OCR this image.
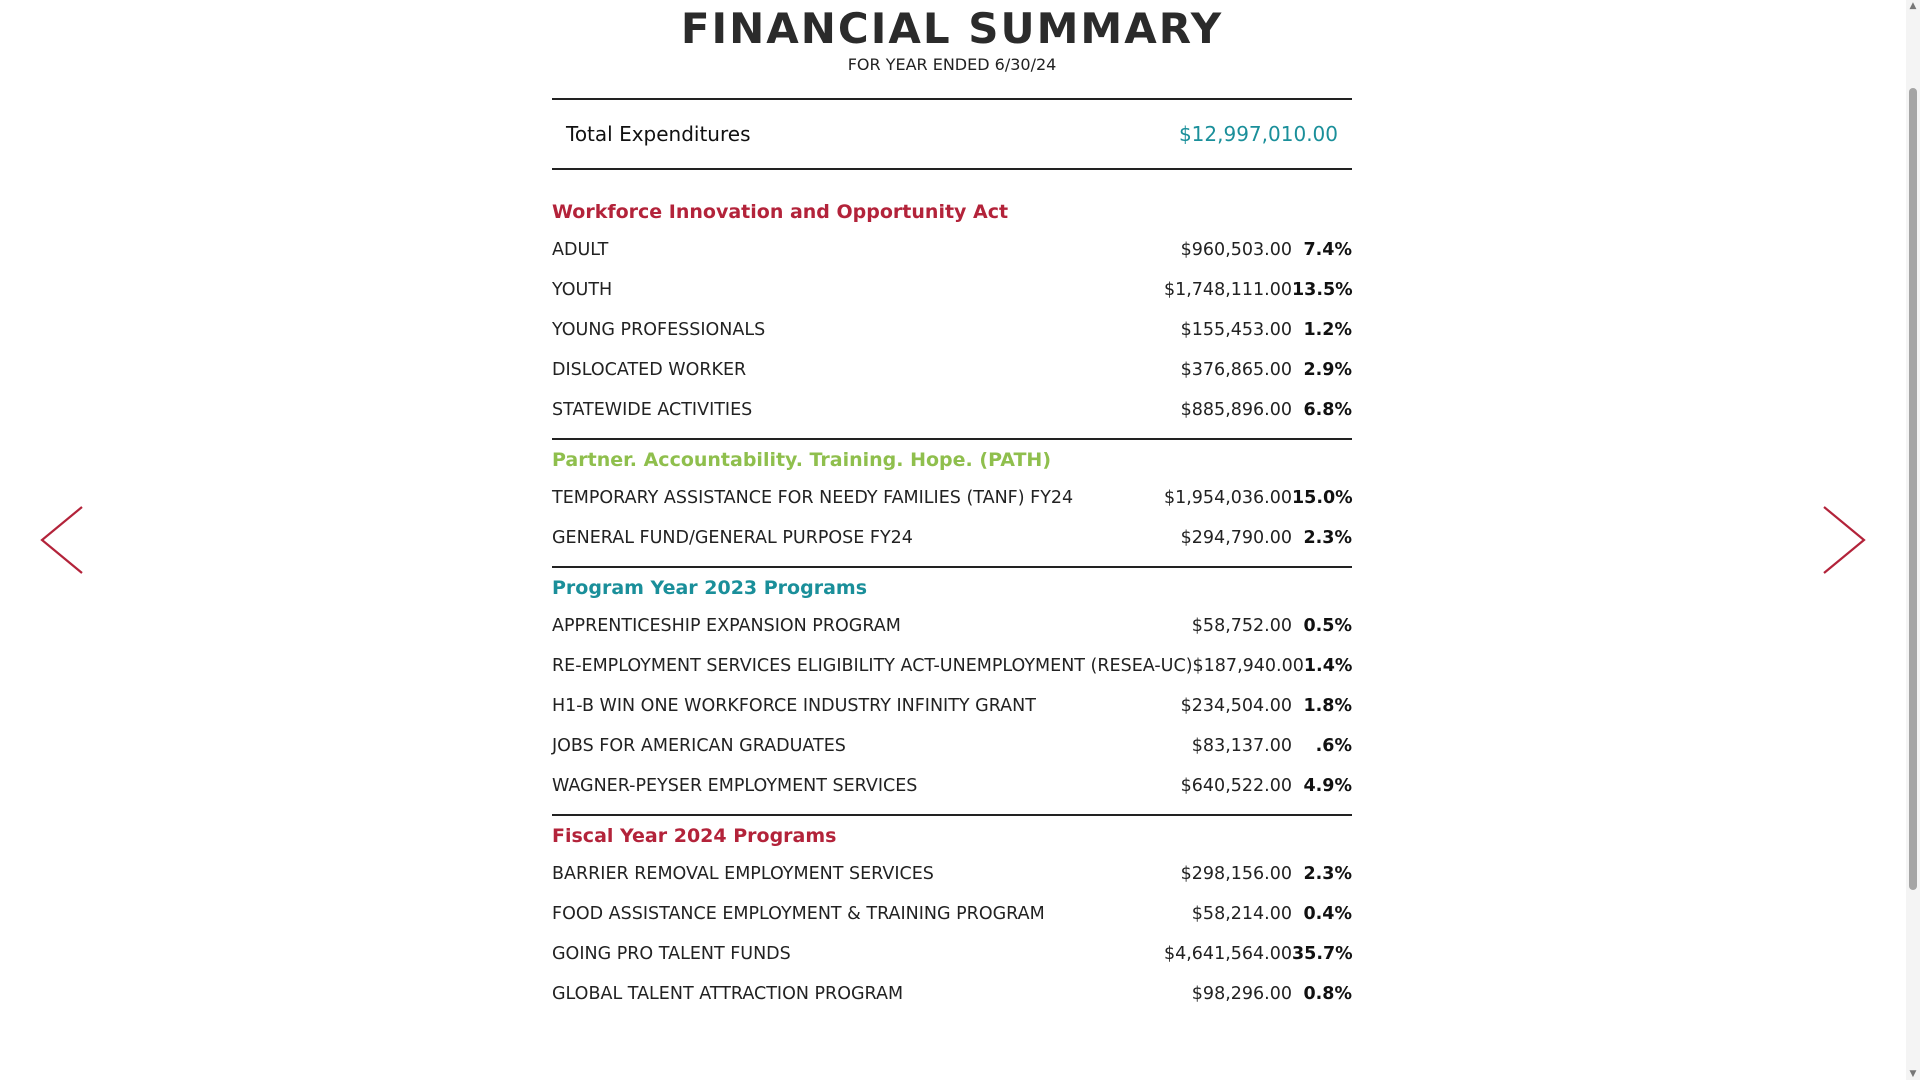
FINANCIAL SUMMARY
FOR YEAR ENDED 6/30/24
Total Expenditures	$12,997,010.00
Workforce Innovation and Opportunity Act
ADULT	$960,503.00 7.4%
YOUTH	$1,748,111.00 13.5%
YOUNG PROFESSIONALS	$155,453.00 1.2%
DISLOCATED WORKER	$376,865.00 2.9%
STATEWIDE ACTIVITIES	$885,896.00 6.8%
Partner. Accountability. Training. Hope. (PATH)
TEMPORARY ASSISTANCE FOR NEEDY FAMILIES (TANF) FY24	$1,954,036.00 15.0%
GENERAL FUND/GENERAL PURPOSE FY24	$294,790.00 2.3%
Program Year 2023 Programs
APPRENTICESHIP EXPANSION PROGRAM	$58,752.00 0.5%
RE-EMPLOYMENT SERVICES ELIGIBILITY ACT-UNEMPLOYMENT (RESEA-UC) $187,940.00 1.4%
H1-B WIN ONE WORKFORCE INDUSTRY INFINITY GRANT	$234,504.00 1.8%
JOBS FOR AMERICAN GRADUATES	$83,137.00	.6%
WAGNER-PEYSER EMPLOYMENT SERVICES	$640,522.00 4.9%
Fiscal Year 2024 Programs
BARRIER REMOVAL EMPLOYMENT SERVICES	$298,156.00 2.3%
FOOD ASSISTANCE EMPLOYMENT & TRAINING PROGRAM	$58,214.00 0.4%
GOING PRO TALENT FUNDS	$4,641,564.00 35.7%
GLOBAL TALENT ATTRACTION PROGRAM	$98,296.00 0.8%
▲
▼
